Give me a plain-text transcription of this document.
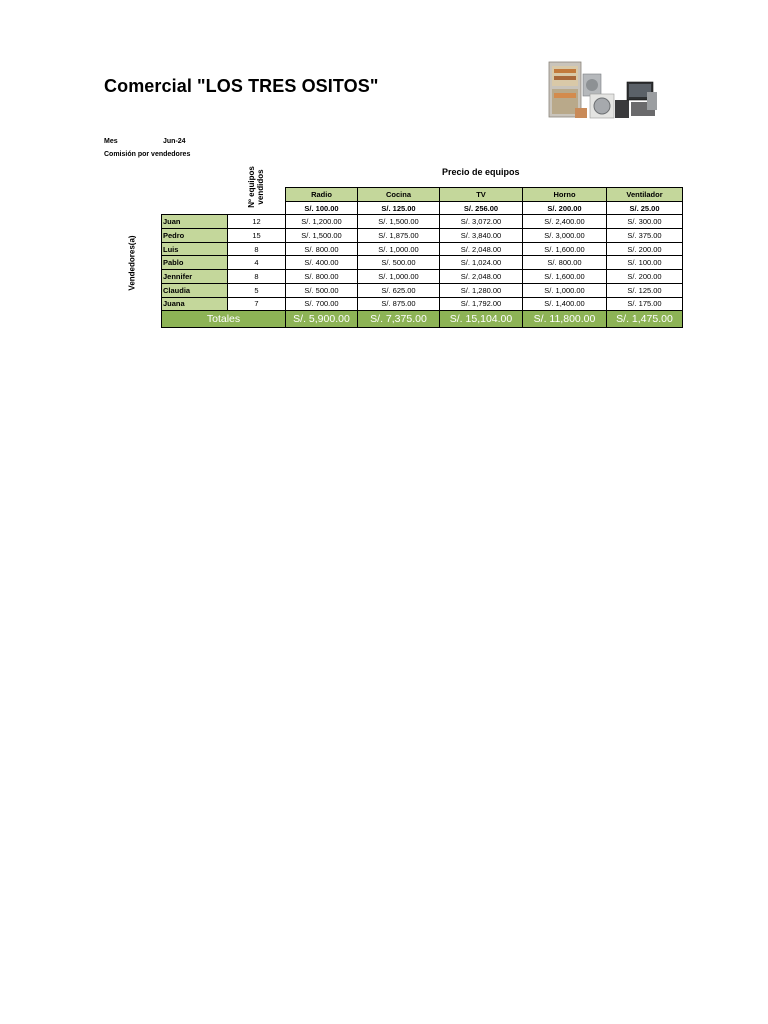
Comercial "LOS TRES OSITOS"
Mes	Jun-24
Comisión por vendedores
Vendedores(a)
Nº equipos vendidos	Precio de equipos
		Radio	Cocina	TV	Horno	Ventilador
		S/. 100.00	S/. 125.00	S/. 256.00	S/. 200.00	S/. 25.00
Juan	12	S/. 1,200.00	S/. 1,500.00	S/. 3,072.00	S/. 2,400.00	S/. 300.00
Pedro	15	S/. 1,500.00	S/. 1,875.00	S/. 3,840.00	S/. 3,000.00	S/. 375.00
Luis	8	S/. 800.00	S/. 1,000.00	S/. 2,048.00	S/. 1,600.00	S/. 200.00
Pablo	4	S/. 400.00	S/. 500.00	S/. 1,024.00	S/. 800.00	S/. 100.00
Jennifer	8	S/. 800.00	S/. 1,000.00	S/. 2,048.00	S/. 1,600.00	S/. 200.00
Claudia	5	S/. 500.00	S/. 625.00	S/. 1,280.00	S/. 1,000.00	S/. 125.00
Juana	7	S/. 700.00	S/. 875.00	S/. 1,792.00	S/. 1,400.00	S/. 175.00
Totales		S/. 5,900.00	S/. 7,375.00	S/. 15,104.00	S/. 11,800.00	S/. 1,475.00
